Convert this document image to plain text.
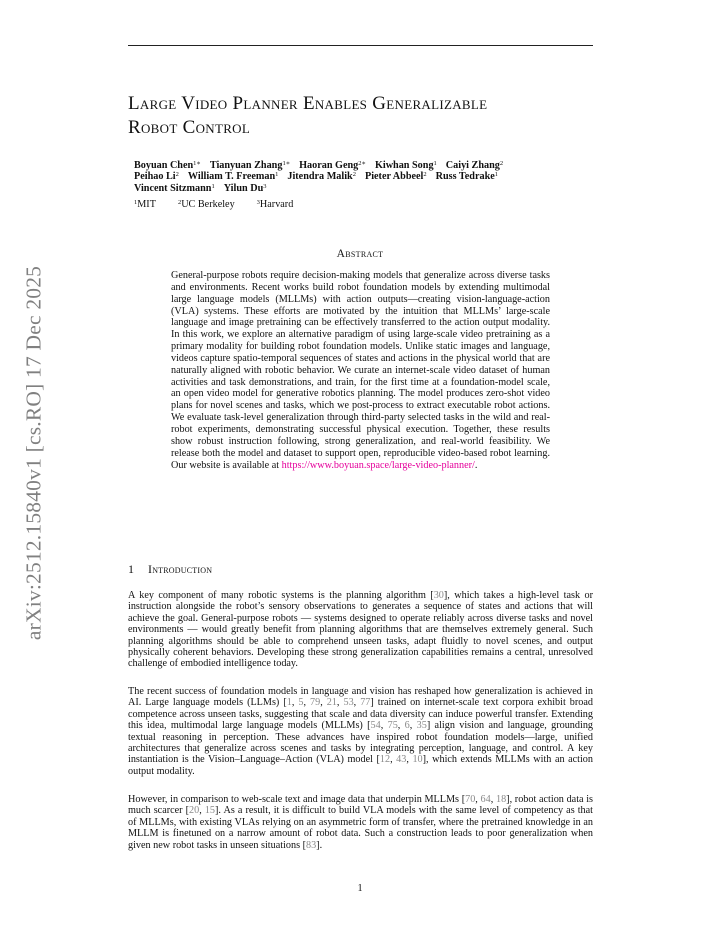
arXiv:2512.15840v1 [cs.RO] 17 Dec 2025
Large Video Planner Enables Generalizable
Robot Control
Boyuan Chen$^{1∗}$ Tianyuan Zhang$^{1∗}$ Haoran Geng$^{2∗}$ Kiwhan Song$^1$ Caiyi Zhang$^2$
Peihao Li$^2$ William T. Freeman$^1$ Jitendra Malik$^2$ Pieter Abbeel$^2$ Russ Tedrake$^1$
Vincent Sitzmann$^1$ Yilun Du$^3$
$^1$MIT	$^2$UC Berkeley	$^3$Harvard
Abstract

General-purpose robots require decision-making models that generalize across diverse tasks and environments. Recent works build robot foundation models by extending multimodal large language models (MLLMs) with action outputs—creating vision-language-action (VLA) systems. These efforts are motivated by the intuition that MLLMs’ large-scale language and image pretraining can be effectively transferred to the action output modality. In this work, we explore an alternative paradigm of using large-scale video pretraining as a primary modality for building robot foundation models. Unlike static images and language, videos capture spatio-temporal sequences of states and actions in the physical world that are naturally aligned with robotic behavior. We curate an internet-scale video dataset of human activities and task demonstrations, and train, for the first time at a foundation-model scale, an open video model for generative robotics planning. The model produces zero-shot video plans for novel scenes and tasks, which we post-process to extract executable robot actions. We evaluate task-level generalization through third-party selected tasks in the wild and real-robot experiments, demonstrating successful physical execution. Together, these results show robust instruction following, strong generalization, and real-world feasibility. We release both the model and dataset to support open, reproducible video-based robot learning. Our website is available at https://www.boyuan.space/large-video-planner/.

1 Introduction

A key component of many robotic systems is the planning algorithm [30], which takes a high-level task or instruction alongside the robot’s sensory observations to generates a sequence of states and actions that will achieve the goal. General-purpose robots — systems designed to operate reliably across diverse tasks and novel environments — would greatly benefit from planning algorithms that are themselves extremely general. Such planning algorithms should be able to comprehend unseen tasks, adapt fluidly to novel scenes, and output physically coherent behaviors. Developing these strong generalization capabilities remains a central, unresolved challenge of embodied intelligence today.

The recent success of foundation models in language and vision has reshaped how generalization is achieved in AI. Large language models (LLMs) [1, 5, 79, 21, 53, 77] trained on internet-scale text corpora exhibit broad competence across unseen tasks, suggesting that scale and data diversity can induce powerful transfer. Extending this idea, multimodal large language models (MLLMs) [54, 75, 6, 35] align vision and language, grounding textual reasoning in perception. These advances have inspired robot foundation models—large, unified architectures that generalize across scenes and tasks by integrating perception, language, and control. A key instantiation is the Vision–Language–Action (VLA) model [12, 43, 10], which extends MLLMs with an action output modality.

However, in comparison to web-scale text and image data that underpin MLLMs [70, 64, 18], robot action data is much scarcer [20, 15]. As a result, it is difficult to build VLA models with the same level of competency as that of MLLMs, with existing VLAs relying on an asymmetric form of transfer, where the pretrained knowledge in an MLLM is finetuned on a narrow amount of robot data. Such a construction leads to poor generalization when given new robot tasks in unseen situations [83].

1
